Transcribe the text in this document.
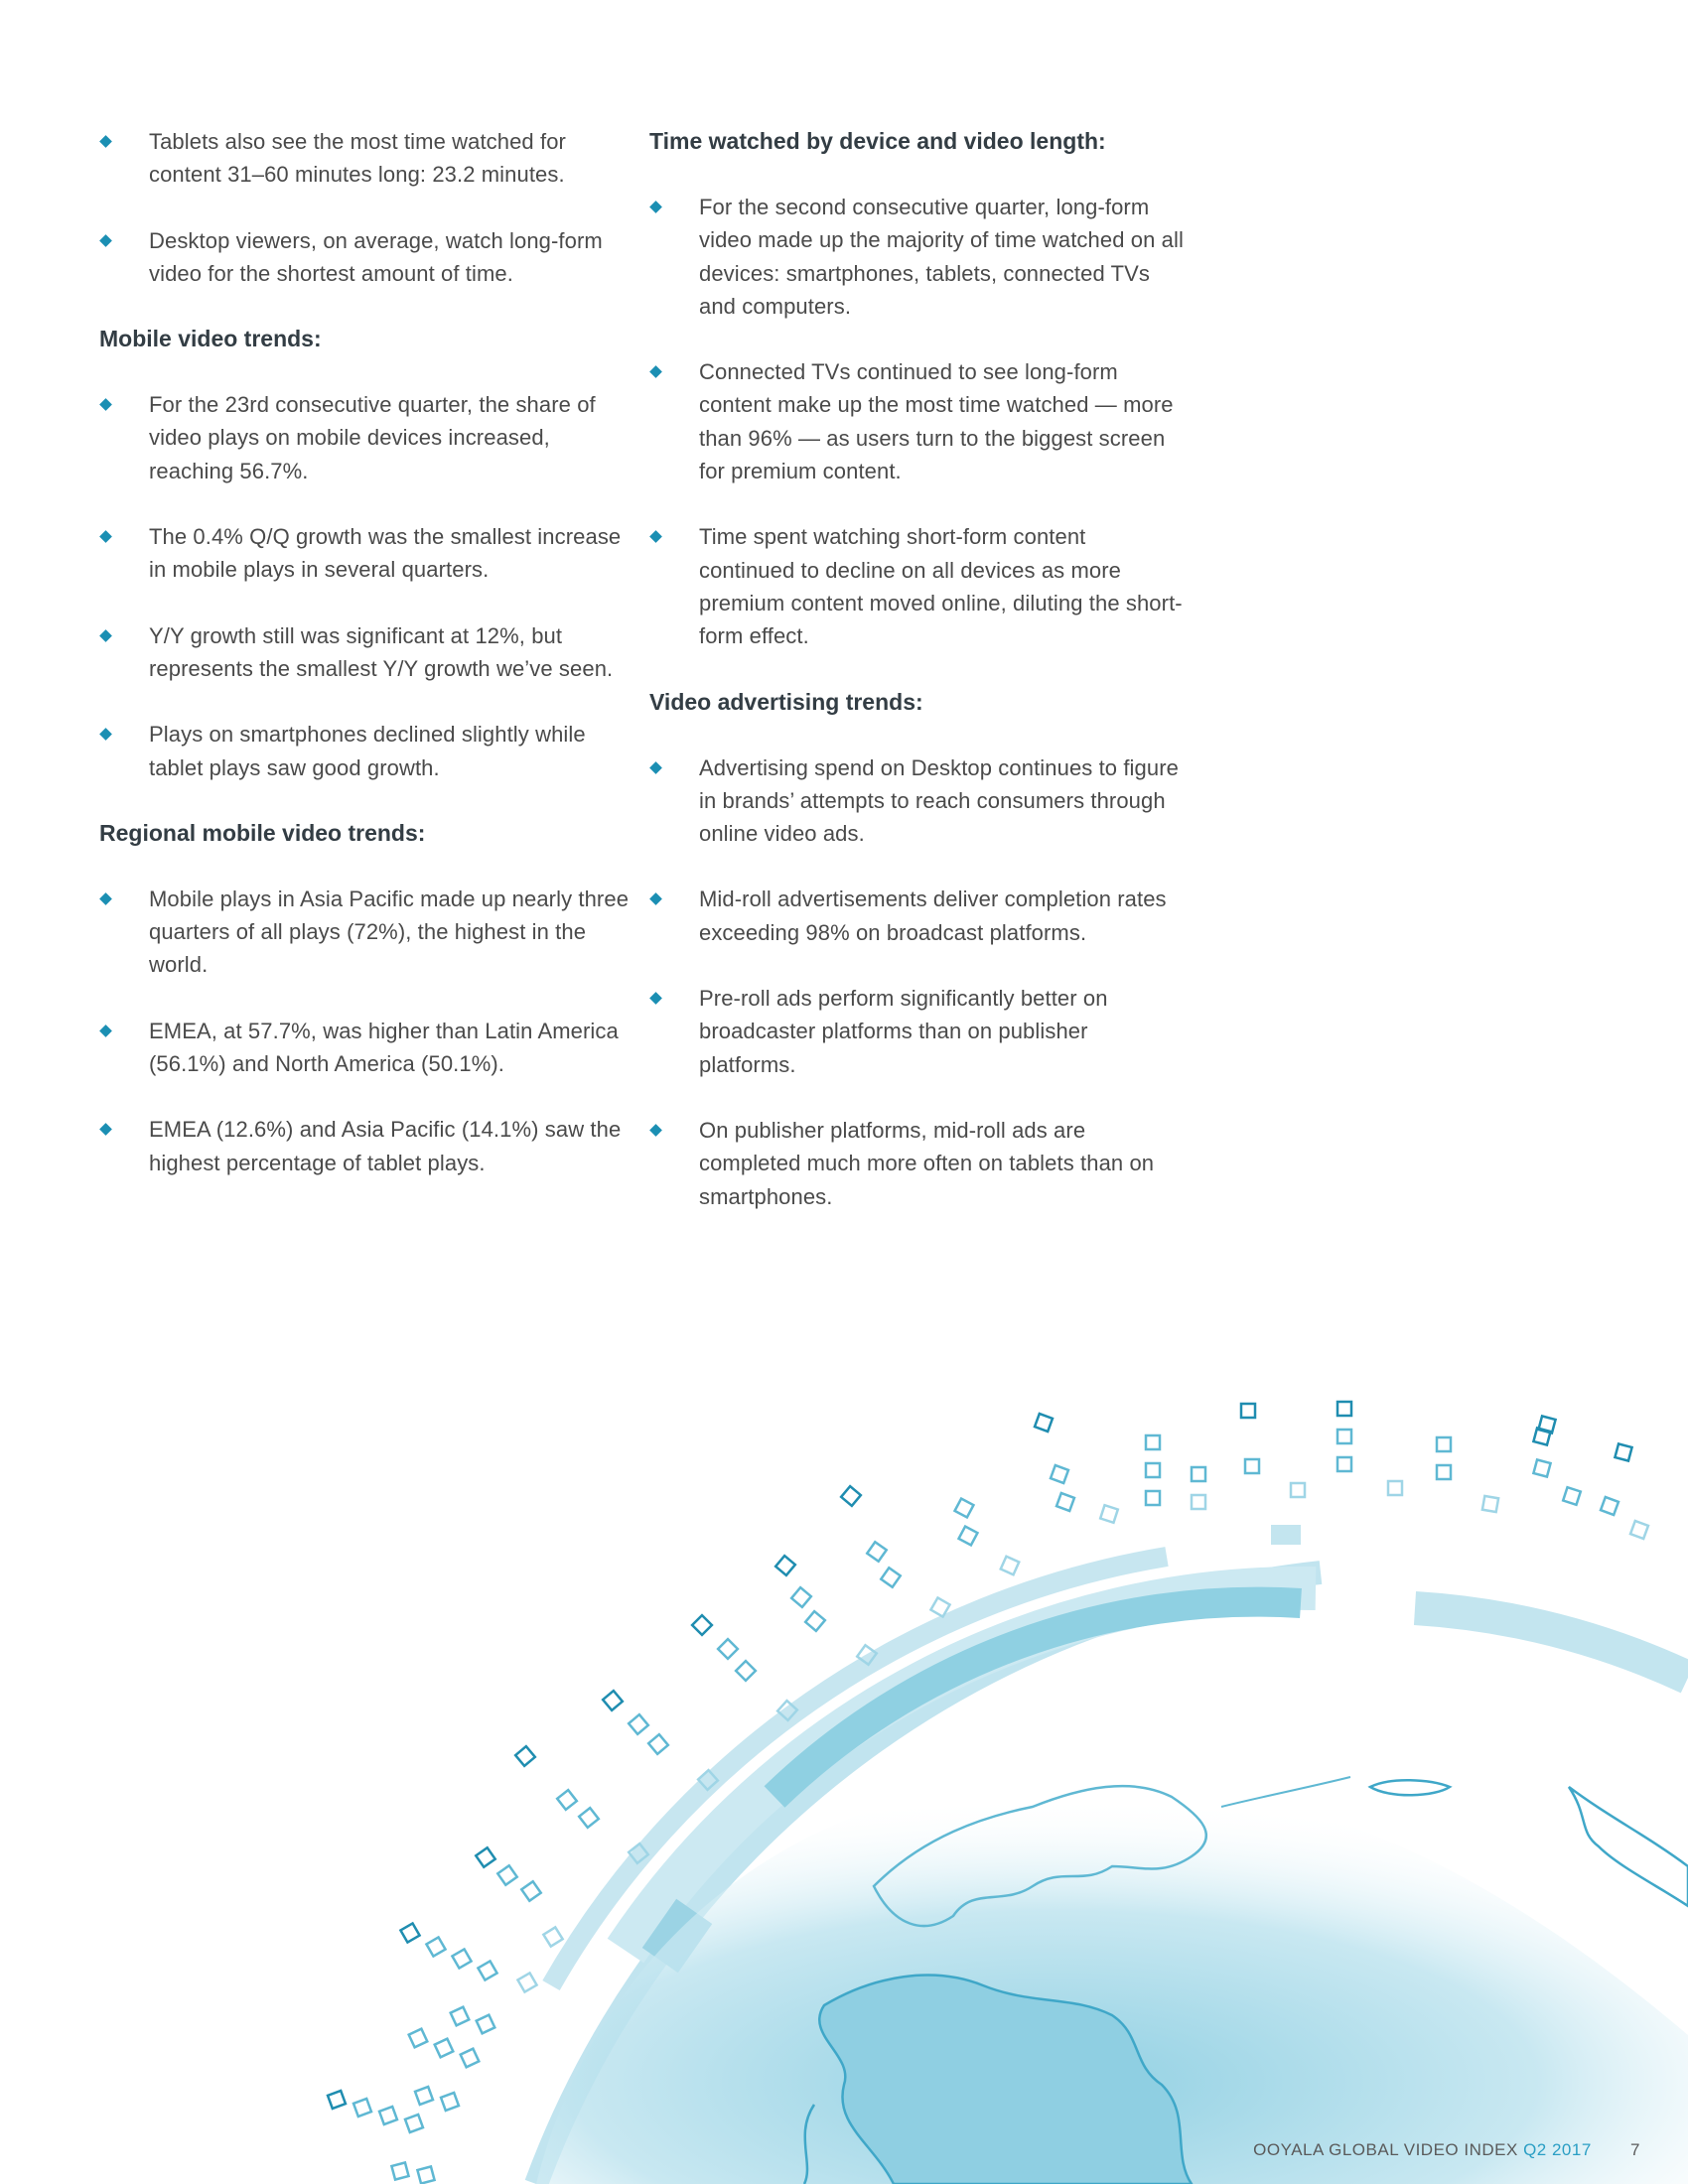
Tablets also see the most time watched for content 31–60 minutes long: 23.2 minutes.
Desktop viewers, on average, watch long-form video for the shortest amount of time.
Mobile video trends:
For the 23rd consecutive quarter, the share of video plays on mobile devices increased, reaching 56.7%.
The 0.4% Q/Q growth was the smallest increase in mobile plays in several quarters.
Y/Y growth still was significant at 12%, but represents the smallest Y/Y growth we’ve seen.
Plays on smartphones declined slightly while tablet plays saw good growth.
Regional mobile video trends:
Mobile plays in Asia Pacific made up nearly three quarters of all plays (72%), the highest in the world.
EMEA, at 57.7%, was higher than Latin America (56.1%) and North America (50.1%).
EMEA (12.6%) and Asia Pacific (14.1%) saw the highest percentage of tablet plays.
Time watched by device and video length:
For the second consecutive quarter, long-form video made up the majority of time watched on all devices: smartphones, tablets, connected TVs and computers.
Connected TVs continued to see long-form content make up the most time watched — more than 96% — as users turn to the biggest screen for premium content.
Time spent watching short-form content continued to decline on all devices as more premium content moved online, diluting the short-form effect.
Video advertising trends:
Advertising spend on Desktop continues to figure in brands’ attempts to reach consumers through online video ads.
Mid-roll advertisements deliver completion rates exceeding 98% on broadcast platforms.
Pre-roll ads perform significantly better on broadcaster platforms than on publisher platforms.
On publisher platforms, mid-roll ads are completed much more often on tablets than on smartphones.
OOYALA GLOBAL VIDEO INDEX Q2 2017 7
